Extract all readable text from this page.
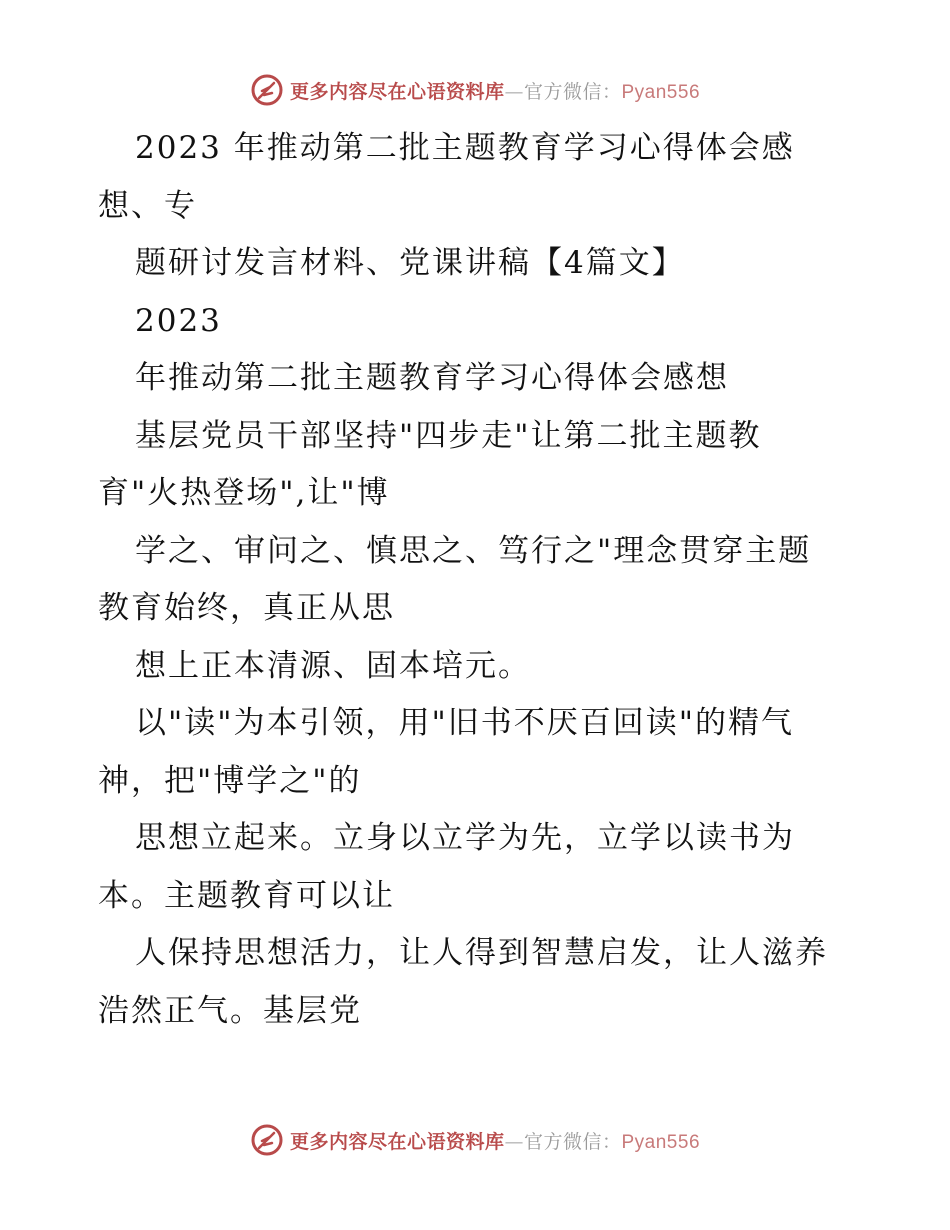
更多内容尽在心语资料库—官方微信：Pyan556
2023 年推动第二批主题教育学习心得体会感
想、专
题研讨发言材料、党课讲稿【4篇文】
2023
年推动第二批主题教育学习心得体会感想
基层党员干部坚持"四步走"让第二批主题教
育"火热登场",让"博
学之、审问之、慎思之、笃行之"理念贯穿主题
教育始终，真正从思
想上正本清源、固本培元。
以"读"为本引领，用"旧书不厌百回读"的精气
神，把"博学之"的
思想立起来。立身以立学为先，立学以读书为
本。主题教育可以让
人保持思想活力，让人得到智慧启发，让人滋养
浩然正气。基层党
更多内容尽在心语资料库—官方微信：Pyan556
